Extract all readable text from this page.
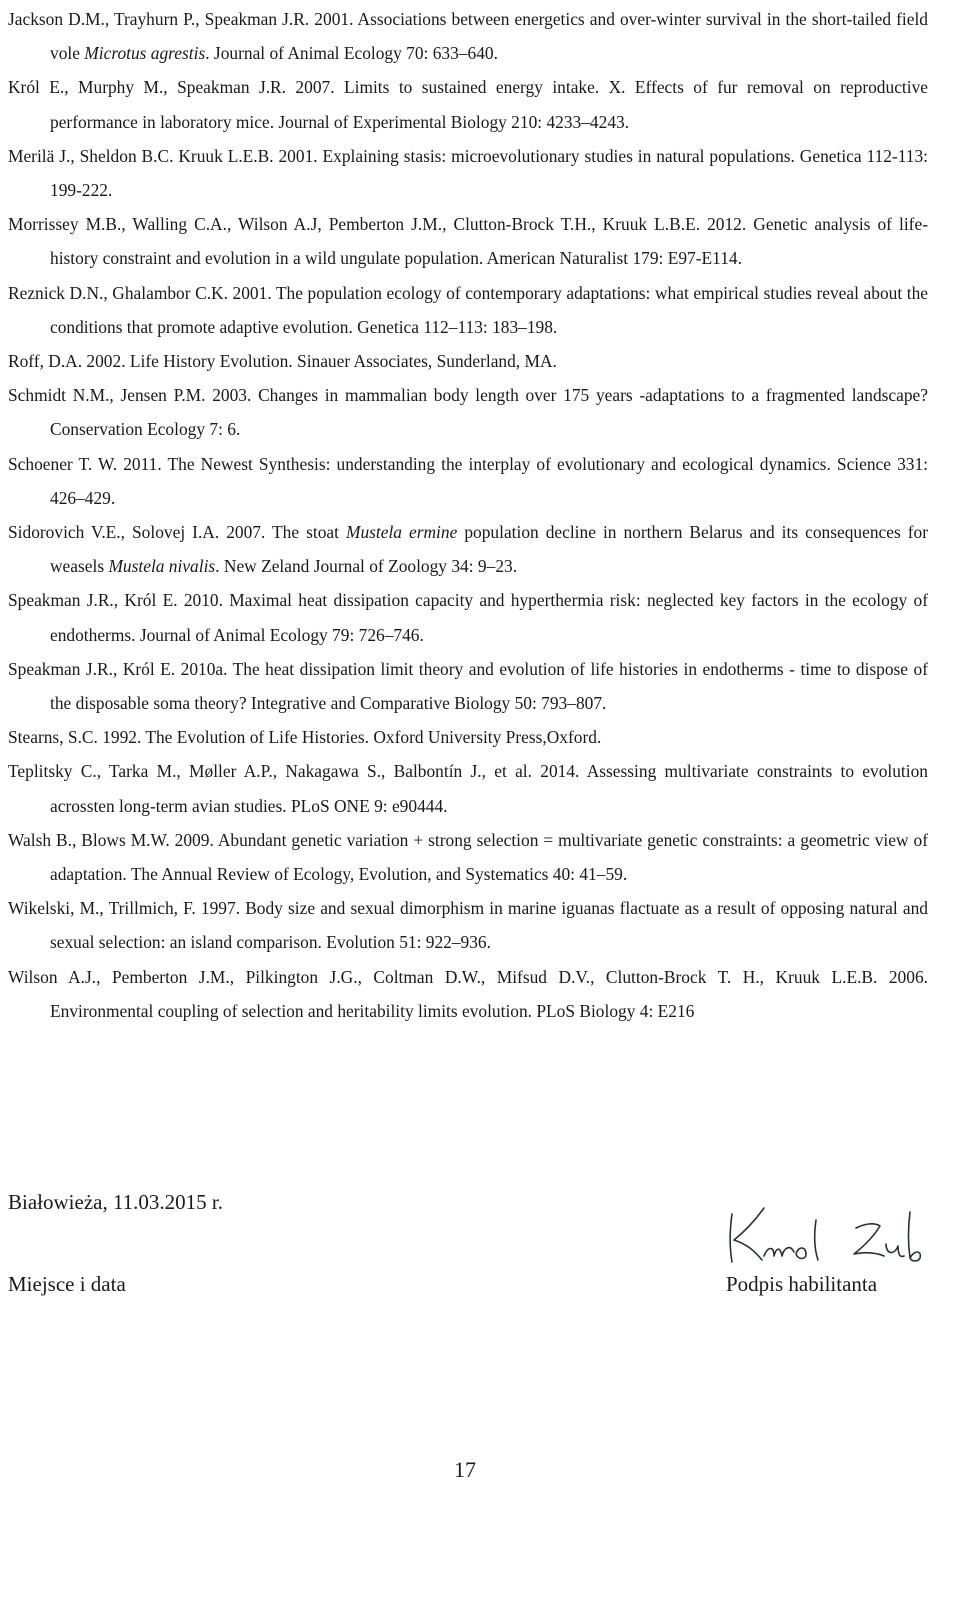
Jackson D.M., Trayhurn P., Speakman J.R. 2001. Associations between energetics and over-winter survival in the short-tailed field vole Microtus agrestis. Journal of Animal Ecology 70: 633–640.

Król E., Murphy M., Speakman J.R. 2007. Limits to sustained energy intake. X. Effects of fur removal on reproductive performance in laboratory mice. Journal of Experimental Biology 210: 4233–4243.

Merilä J., Sheldon B.C. Kruuk L.E.B. 2001. Explaining stasis: microevolutionary studies in natural populations. Genetica 112-113: 199-222.

Morrissey M.B., Walling C.A., Wilson A.J, Pemberton J.M., Clutton-Brock T.H., Kruuk L.B.E. 2012. Genetic analysis of life-history constraint and evolution in a wild ungulate population. American Naturalist 179: E97-E114.

Reznick D.N., Ghalambor C.K. 2001. The population ecology of contemporary adaptations: what empirical studies reveal about the conditions that promote adaptive evolution. Genetica 112–113: 183–198.

Roff, D.A. 2002. Life History Evolution. Sinauer Associates, Sunderland, MA.

Schmidt N.M., Jensen P.M. 2003. Changes in mammalian body length over 175 years -adaptations to a fragmented landscape? Conservation Ecology 7: 6.

Schoener T. W. 2011. The Newest Synthesis: understanding the interplay of evolutionary and ecological dynamics. Science 331: 426–429.

Sidorovich V.E., Solovej I.A. 2007. The stoat Mustela ermine population decline in northern Belarus and its consequences for weasels Mustela nivalis. New Zeland Journal of Zoology 34: 9–23.

Speakman J.R., Król E. 2010. Maximal heat dissipation capacity and hyperthermia risk: neglected key factors in the ecology of endotherms. Journal of Animal Ecology 79: 726–746.

Speakman J.R., Król E. 2010a. The heat dissipation limit theory and evolution of life histories in endotherms - time to dispose of the disposable soma theory? Integrative and Comparative Biology 50: 793–807.

Stearns, S.C. 1992. The Evolution of Life Histories. Oxford University Press,Oxford.

Teplitsky C., Tarka M., Møller A.P., Nakagawa S., Balbontín J., et al. 2014. Assessing multivariate constraints to evolution acrossten long-term avian studies. PLoS ONE 9: e90444.

Walsh B., Blows M.W. 2009. Abundant genetic variation + strong selection = multivariate genetic constraints: a geometric view of adaptation. The Annual Review of Ecology, Evolution, and Systematics 40: 41–59.

Wikelski, M., Trillmich, F. 1997. Body size and sexual dimorphism in marine iguanas flactuate as a result of opposing natural and sexual selection: an island comparison. Evolution 51: 922–936.

Wilson A.J., Pemberton J.M., Pilkington J.G., Coltman D.W., Mifsud D.V., Clutton-Brock T. H., Kruuk L.E.B. 2006. Environmental coupling of selection and heritability limits evolution. PLoS Biology 4: E216

Białowieża, 11.03.2015 r.
Miejsce i data	Podpis habilitanta
17
